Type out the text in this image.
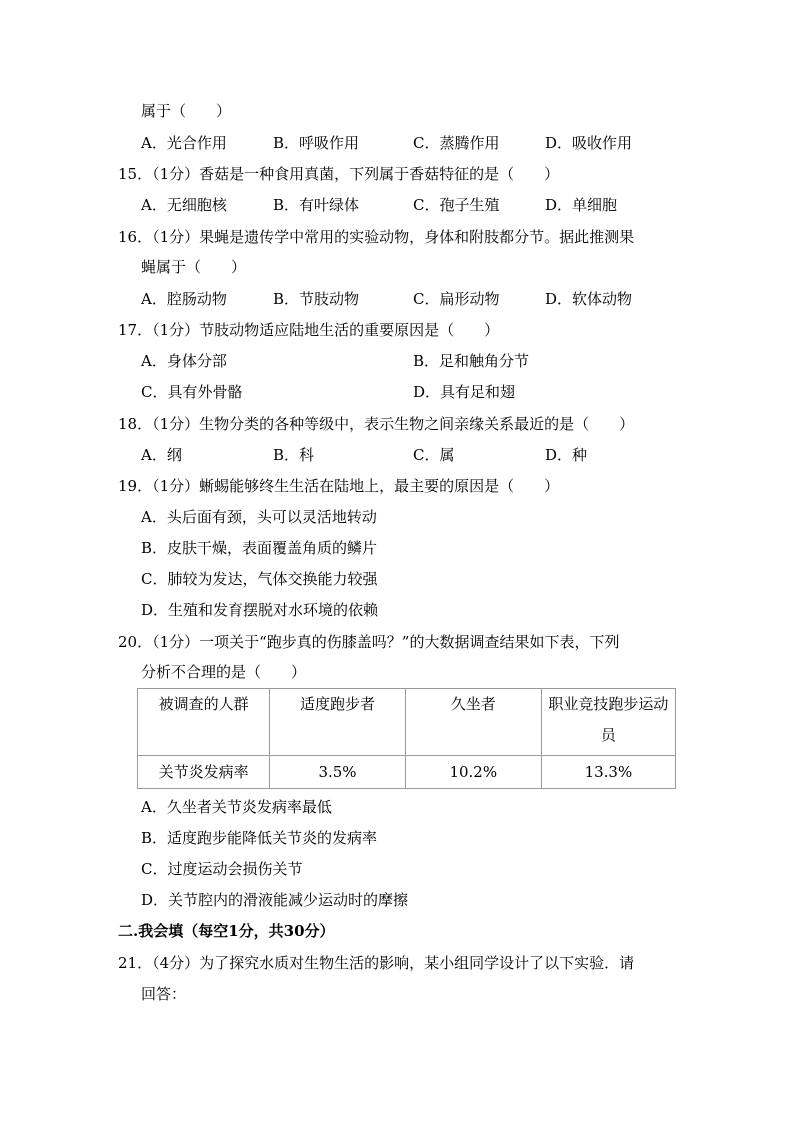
属于（　　）
A．光合作用	B．呼吸作用	C．蒸腾作用	D．吸收作用
15．（1分）香菇是一种食用真菌，下列属于香菇特征的是（　　）
A．无细胞核	B．有叶绿体	C．孢子生殖	D．单细胞
16．（1分）果蝇是遗传学中常用的实验动物，身体和附肢都分节。据此推测果
蝇属于（　　）
A．腔肠动物	B．节肢动物	C．扁形动物	D．软体动物
17．（1分）节肢动物适应陆地生活的重要原因是（　　）
A．身体分部	B．足和触角分节
C．具有外骨骼	D．具有足和翅
18．（1分）生物分类的各种等级中，表示生物之间亲缘关系最近的是（　　）
A．纲	B．科	C．属	D．种
19．（1分）蜥蜴能够终生生活在陆地上，最主要的原因是（　　）
A．头后面有颈，头可以灵活地转动
B．皮肤干燥，表面覆盖角质的鳞片
C．肺较为发达，气体交换能力较强
D．生殖和发育摆脱对水环境的依赖
20．（1分）一项关于“跑步真的伤膝盖吗？”的大数据调查结果如下表，下列
分析不合理的是（　　）
被调查的人群	适度跑步者	久坐者	职业竞技跑步运动员
关节炎发病率	3.5%	10.2%	13.3%
A．久坐者关节炎发病率最低
B．适度跑步能降低关节炎的发病率
C．过度运动会损伤关节
D．关节腔内的滑液能减少运动时的摩擦
二.我会填（每空1分，共30分）
21．（4分）为了探究水质对生物生活的影响，某小组同学设计了以下实验．请
回答：
